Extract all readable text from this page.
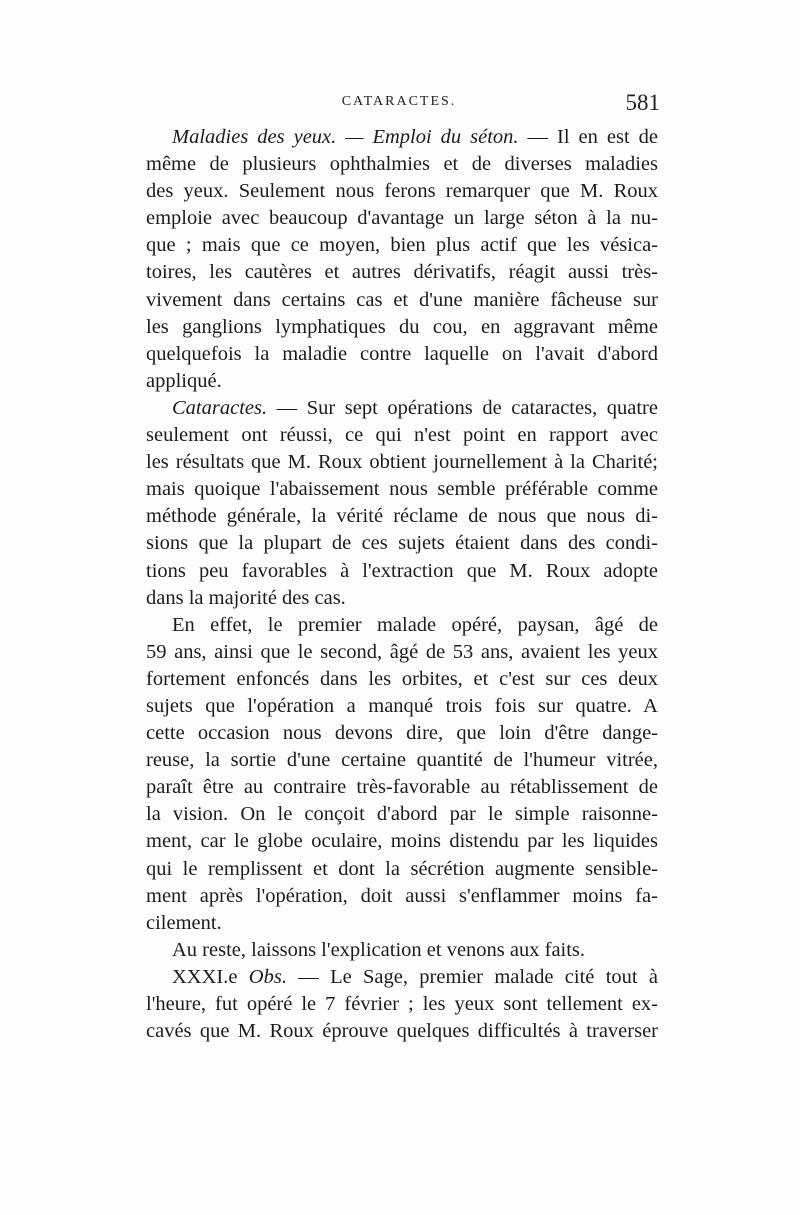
CATARACTES.	581
Maladies des yeux. — Emploi du séton. — Il en est de
même de plusieurs ophthalmies et de diverses maladies
des yeux. Seulement nous ferons remarquer que M. Roux
emploie avec beaucoup d'avantage un large séton à la nu-
que ; mais que ce moyen, bien plus actif que les vésica-
toires, les cautères et autres dérivatifs, réagit aussi très-
vivement dans certains cas et d'une manière fâcheuse sur
les ganglions lymphatiques du cou, en aggravant même
quelquefois la maladie contre laquelle on l'avait d'abord
appliqué.
Cataractes. — Sur sept opérations de cataractes, quatre
seulement ont réussi, ce qui n'est point en rapport avec
les résultats que M. Roux obtient journellement à la Charité;
mais quoique l'abaissement nous semble préférable comme
méthode générale, la vérité réclame de nous que nous di-
sions que la plupart de ces sujets étaient dans des condi-
tions peu favorables à l'extraction que M. Roux adopte
dans la majorité des cas.
En effet, le premier malade opéré, paysan, âgé de
59 ans, ainsi que le second, âgé de 53 ans, avaient les yeux
fortement enfoncés dans les orbites, et c'est sur ces deux
sujets que l'opération a manqué trois fois sur quatre. A
cette occasion nous devons dire, que loin d'être dange-
reuse, la sortie d'une certaine quantité de l'humeur vitrée,
paraît être au contraire très-favorable au rétablissement de
la vision. On le conçoit d'abord par le simple raisonne-
ment, car le globe oculaire, moins distendu par les liquides
qui le remplissent et dont la sécrétion augmente sensible-
ment après l'opération, doit aussi s'enflammer moins fa-
cilement.
Au reste, laissons l'explication et venons aux faits.
XXXI.e Obs. — Le Sage, premier malade cité tout à
l'heure, fut opéré le 7 février ; les yeux sont tellement ex-
cavés que M. Roux éprouve quelques difficultés à traverser
